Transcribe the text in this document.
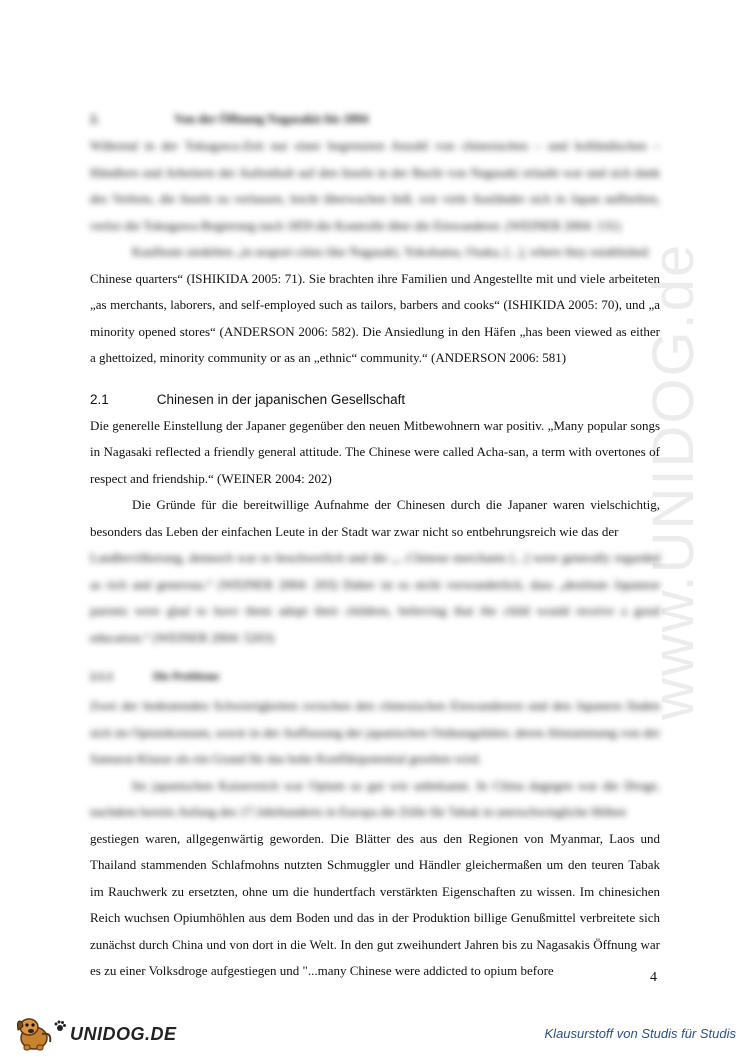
www.UNIDOG.de
2.	Von der Öffnung Nagasakis bis 1894

Während in der Tokugawa-Zeit nur einer begrenzten Anzahl von chinesischen – und holländischen – Händlern und Arbeitern der Aufenthalt auf den Inseln in der Bucht von Nagasaki erlaubt war und sich dank des Verbots, die Inseln zu verlassen, leicht überwachen ließ, wie viele Ausländer sich in Japan aufhielten, verlor die Tokugawa-Regierung nach 1859 die Kontrolle über die Einwanderer. (WEINER 2004: 131)

Kaufleute siedelten „in seaport cities like Nagasaki, Yokohama, Osaka, [...], where they established

Chinese quarters“ (ISHIKIDA 2005: 71). Sie brachten ihre Familien und Angestellte mit und viele arbeiteten „as merchants, laborers, and self-employed such as tailors, barbers and cooks“ (ISHIKIDA 2005: 70), und „a minority opened stores“ (ANDERSON 2006: 582). Die Ansiedlung in den Häfen „has been viewed as either a ghettoized, minority community or as an „ethnic“ community.“ (ANDERSON 2006: 581)

2.1	Chinesen in der japanischen Gesellschaft

Die generelle Einstellung der Japaner gegenüber den neuen Mitbewohnern war positiv. „Many popular songs in Nagasaki reflected a friendly general attitude. The Chinese were called Acha-san, a term with overtones of respect and friendship.“ (WEINER 2004: 202)

Die Gründe für die bereitwillige Aufnahme der Chinesen durch die Japaner waren vielschichtig, besonders das Leben der einfachen Leute in der Stadt war zwar nicht so entbehrungsreich wie das der

Landbevölkerung, dennoch war es beschwerlich und die „...Chinese merchants [...] were generally regarded as rich and generous.“ (WEINER 2004: 203) Daher ist es nicht verwunderlich, dass „destitute Japanese parents were glad to have them adopt their children, believing that the child would receive a good education.“ (WEINER 2004: 5203)

2.1.1	Die Probleme

Zwei der bedeutenden Schwierigkeiten zwischen den chinesischen Einwanderern und den Japanern finden sich im Opiumkonsum, sowie in der Auffassung der japanischen Ordnungshüter, deren Abstammung von der Samurai-Klasse als ein Grund für das hohe Konfliktpotential gesehen wird.

Im japanischen Kaiserreich war Opium so gut wie unbekannt. In China dagegen war die Droge, nachdem bereits Anfang des 17.Jahrhunderts in Europa die Zölle für Tabak in unerschwingliche Höhen

gestiegen waren, allgegenwärtig geworden. Die Blätter des aus den Regionen von Myanmar, Laos und Thailand stammenden Schlafmohns nutzten Schmuggler und Händler gleichermaßen um den teuren Tabak im Rauchwerk zu ersetzten, ohne um die hundertfach verstärkten Eigenschaften zu wissen. Im chinesichen Reich wuchsen Opiumhöhlen aus dem Boden und das in der Produktion billige Genußmittel verbreitete sich zunächst durch China und von dort in die Welt. In den gut zweihundert Jahren bis zu Nagasakis Öffnung war es zu einer Volksdroge aufgestiegen und "...many Chinese were addicted to opium before	4
UNIDOG.DE	Klausurstoff von Studis für Studis
